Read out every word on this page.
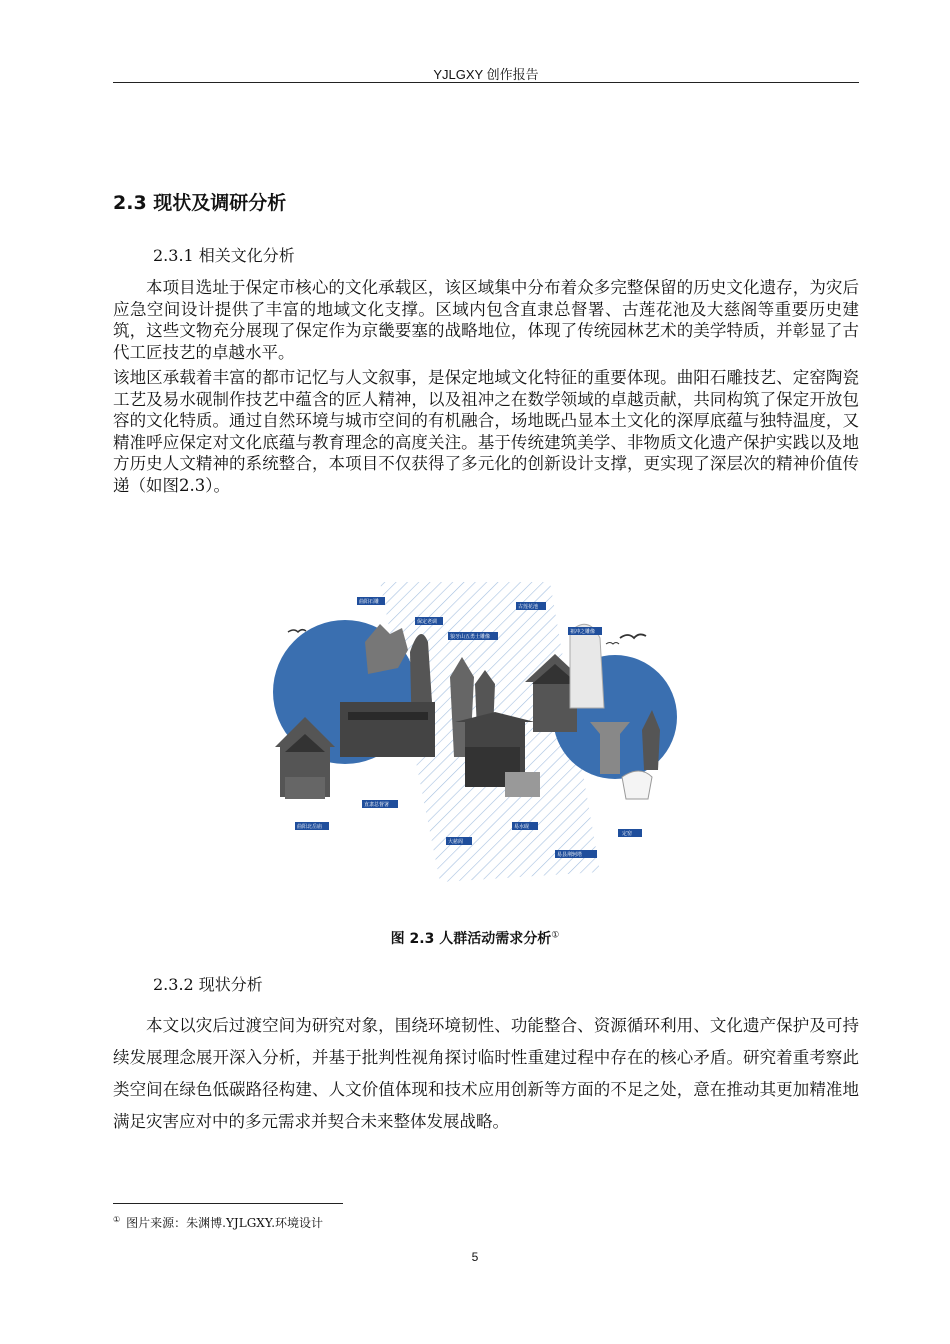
YJLGXY 创作报告
2.3 现状及调研分析
2.3.1 相关文化分析
本项目选址于保定市核心的文化承载区，该区域集中分布着众多完整保留的历史文化遗存，为灾后应急空间设计提供了丰富的地域文化支撑。区域内包含直隶总督署、古莲花池及大慈阁等重要历史建筑，这些文物充分展现了保定作为京畿要塞的战略地位，体现了传统园林艺术的美学特质，并彰显了古代工匠技艺的卓越水平。
该地区承载着丰富的都市记忆与人文叙事，是保定地域文化特征的重要体现。曲阳石雕技艺、定窑陶瓷工艺及易水砚制作技艺中蕴含的匠人精神，以及祖冲之在数学领域的卓越贡献，共同构筑了保定开放包容的文化特质。通过自然环境与城市空间的有机融合，场地既凸显本土文化的深厚底蕴与独特温度，又精准呼应保定对文化底蕴与教育理念的高度关注。基于传统建筑美学、非物质文化遗产保护实践以及地方历史人文精神的系统整合，本项目不仅获得了多元化的创新设计支撑，更实现了深层次的精神价值传递（如图2.3）。
曲阳石雕
保定老调
古莲花池
狼牙山五勇士雕像
祖冲之雕像
曲阳北岳庙
直隶总督署
大慈阁
易水砚
易县荆轲塔
定窑
图 2.3 人群活动需求分析①
2.3.2 现状分析
本文以灾后过渡空间为研究对象，围绕环境韧性、功能整合、资源循环利用、文化遗产保护及可持续发展理念展开深入分析，并基于批判性视角探讨临时性重建过程中存在的核心矛盾。研究着重考察此类空间在绿色低碳路径构建、人文价值体现和技术应用创新等方面的不足之处，意在推动其更加精准地满足灾害应对中的多元需求并契合未来整体发展战略。
① 图片来源：朱渊博.YJLGXY.环境设计
5
